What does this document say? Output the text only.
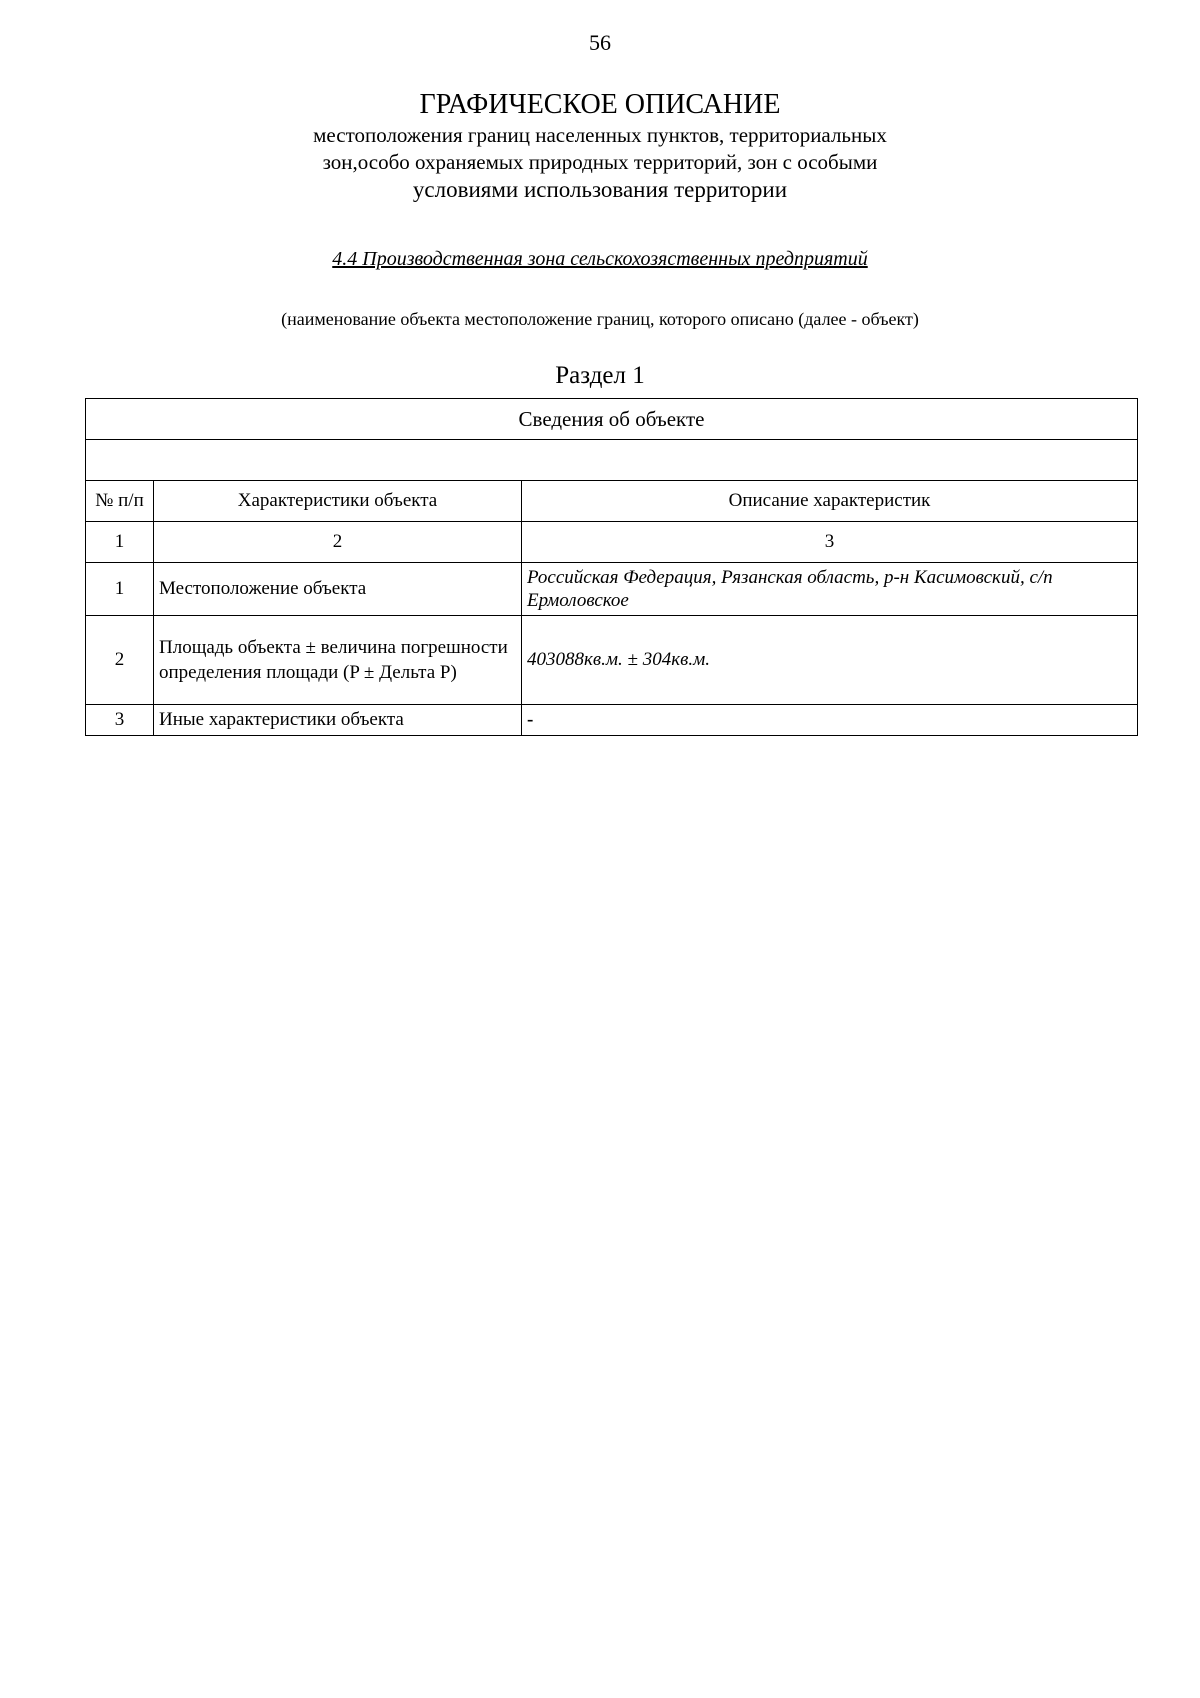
56
ГРАФИЧЕСКОЕ ОПИСАНИЕ
местоположения границ населенных пунктов, территориальных
зон,особо охраняемых природных территорий, зон с особыми
условиями использования территории
4.4 Производственная зона сельскохозяственных предприятий
(наименование объекта местоположение границ, которого описано (далее - объект)
Раздел 1
Сведения об объекте		

№ п/п	Характеристики объекта	Описание характеристик
1	2	3
1	Местоположение объекта	Российская Федерация, Рязанская область, р-н Касимовский, с/п Ермоловское
2	Площадь объекта ± величина погрешности определения площади (P ± Дельта P)	403088кв.м. ± 304кв.м.
3	Иные характеристики объекта	-
